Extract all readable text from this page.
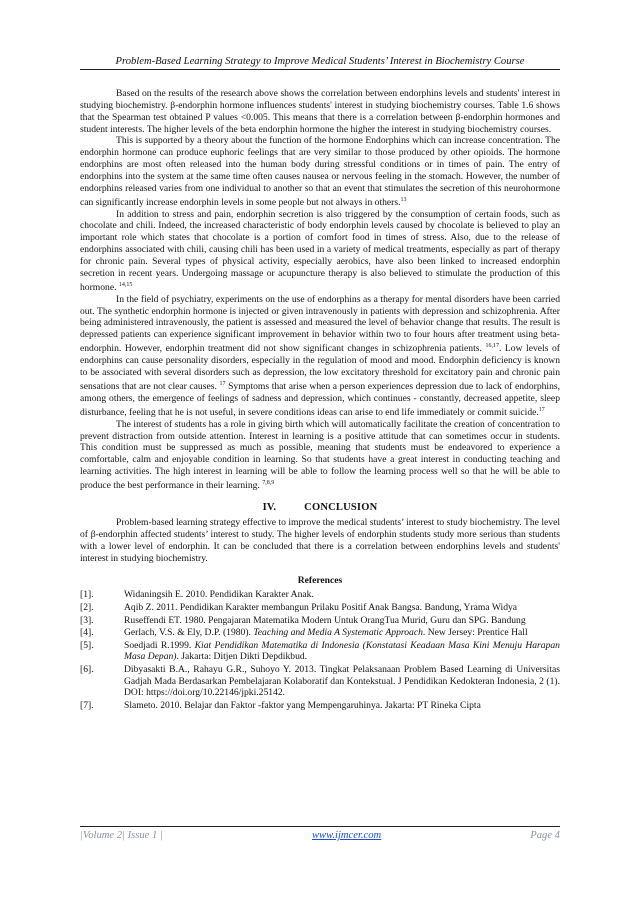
Problem-Based Learning Strategy to Improve Medical Students’ Interest in Biochemistry Course

Based on the results of the research above shows the correlation between endorphins levels and students' interest in studying biochemistry. β-endorphin hormone influences students' interest in studying biochemistry courses. Table 1.6 shows that the Spearman test obtained P values <0.005. This means that there is a correlation between β-endorphin hormones and student interests. The higher levels of the beta endorphin hormone the higher the interest in studying biochemistry courses.

This is supported by a theory about the function of the hormone Endorphins which can increase concentration. The endorphin hormone can produce euphoric feelings that are very similar to those produced by other opioids. The hormone endorphins are most often released into the human body during stressful conditions or in times of pain. The entry of endorphins into the system at the same time often causes nausea or nervous feeling in the stomach. However, the number of endorphins released varies from one individual to another so that an event that stimulates the secretion of this neurohormone can significantly increase endorphin levels in some people but not always in others.$^{13}$

In addition to stress and pain, endorphin secretion is also triggered by the consumption of certain foods, such as chocolate and chili. Indeed, the increased characteristic of body endorphin levels caused by chocolate is believed to play an important role which states that chocolate is a portion of comfort food in times of stress. Also, due to the release of endorphins associated with chili, causing chili has been used in a variety of medical treatments, especially as part of therapy for chronic pain. Several types of physical activity, especially aerobics, have also been linked to increased endorphin secretion in recent years. Undergoing massage or acupuncture therapy is also believed to stimulate the production of this hormone. $^{14,15}$

In the field of psychiatry, experiments on the use of endorphins as a therapy for mental disorders have been carried out. The synthetic endorphin hormone is injected or given intravenously in patients with depression and schizophrenia. After being administered intravenously, the patient is assessed and measured the level of behavior change that results. The result is depressed patients can experience significant improvement in behavior within two to four hours after treatment using beta-endorphin. However, endorphin treatment did not show significant changes in schizophrenia patients. $^{16,17}$. Low levels of endorphins can cause personality disorders, especially in the regulation of mood and mood. Endorphin deficiency is known to be associated with several disorders such as depression, the low excitatory threshold for excitatory pain and chronic pain sensations that are not clear causes. $^{17}$ Symptoms that arise when a person experiences depression due to lack of endorphins, among others, the emergence of feelings of sadness and depression, which continues - constantly, decreased appetite, sleep disturbance, feeling that he is not useful, in severe conditions ideas can arise to end life immediately or commit suicide.$^{17}$

The interest of students has a role in giving birth which will automatically facilitate the creation of concentration to prevent distraction from outside attention. Interest in learning is a positive attitude that can sometimes occur in students. This condition must be suppressed as much as possible, meaning that students must be endeavored to experience a comfortable, calm and enjoyable condition in learning. So that students have a great interest in conducting teaching and learning activities. The high interest in learning will be able to follow the learning process well so that he will be able to produce the best performance in their learning. $^{7,8,9}$

IV.	CONCLUSION

Problem-based learning strategy effective to improve the medical students’ interest to study biochemistry. The level of β-endorphin affected students’ interest to study. The higher levels of endorphin students study more serious than students with a lower level of endorphin. It can be concluded that there is a correlation between endorphins levels and students' interest in studying biochemistry.

References
[1].	Widaningsih E. 2010. Pendidikan Karakter Anak.
[2].	Aqib Z. 2011. Pendidikan Karakter membangun Prilaku Positif Anak Bangsa. Bandung, Yrama Widya
[3].	Ruseffendi ET. 1980. Pengajaran Matematika Modern Untuk OrangTua Murid, Guru dan SPG. Bandung
[4].	Gerlach, V.S. & Ely, D.P. (1980). Teaching and Media A Systematic Approach. New Jersey: Prentice Hall
[5].	Soedjadi R.1999. Kiat Pendidikan Matematika di Indonesia (Konstatasi Keadaan Masa Kini Menuju Harapan Masa Depan). Jakarta: Ditjen Dikti Depdikbud.
[6].	Dibyasakti B.A., Rahayu G.R., Suhoyo Y. 2013. Tingkat Pelaksanaan Problem Based Learning di Universitas Gadjah Mada Berdasarkan Pembelajaran Kolaboratif dan Kontekstual. J Pendidikan Kedokteran Indonesia, 2 (1). DOI: https://doi.org/10.22146/jpki.25142.
[7].	Slameto. 2010. Belajar dan Faktor -faktor yang Mempengaruhinya. Jakarta: PT Rineka Cipta
|Volume 2| Issue 1 |	www.ijmcer.com	Page 4
